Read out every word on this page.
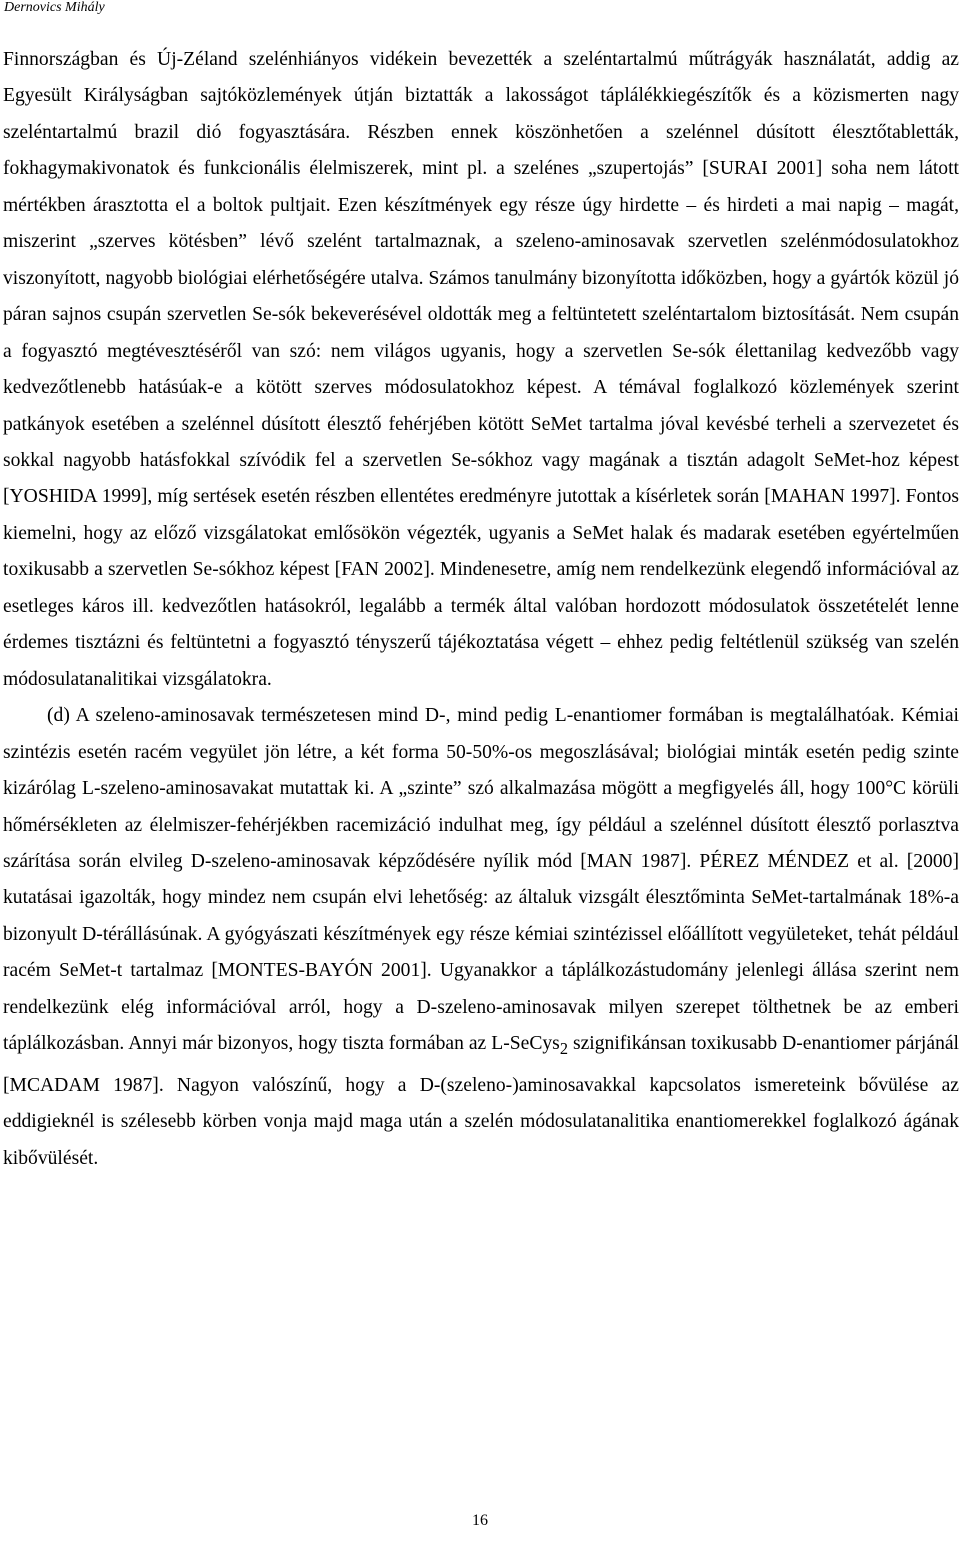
Dernovics Mihály

Finnországban és Új-Zéland szelénhiányos vidékein bevezették a szeléntartalmú műtrágyák használatát, addig az Egyesült Királyságban sajtóközlemények útján biztatták a lakosságot táplálékkiegészítők és a közismerten nagy szeléntartalmú brazil dió fogyasztására. Részben ennek köszönhetően a szelénnel dúsított élesztőtabletták, fokhagymakivonatok és funkcionális élelmiszerek, mint pl. a szelénes „szupertojás” [SURAI 2001] soha nem látott mértékben árasztotta el a boltok pultjait. Ezen készítmények egy része úgy hirdette – és hirdeti a mai napig – magát, miszerint „szerves kötésben” lévő szelént tartalmaznak, a szeleno-aminosavak szervetlen szelénmódosulatokhoz viszonyított, nagyobb biológiai elérhetőségére utalva. Számos tanulmány bizonyította időközben, hogy a gyártók közül jó páran sajnos csupán szervetlen Se-sók bekeverésével oldották meg a feltüntetett szeléntartalom biztosítását. Nem csupán a fogyasztó megtévesztéséről van szó: nem világos ugyanis, hogy a szervetlen Se-sók élettanilag kedvezőbb vagy kedvezőtlenebb hatásúak-e a kötött szerves módosulatokhoz képest. A témával foglalkozó közlemények szerint patkányok esetében a szelénnel dúsított élesztő fehérjében kötött SeMet tartalma jóval kevésbé terheli a szervezetet és sokkal nagyobb hatásfokkal szívódik fel a szervetlen Se-sókhoz vagy magának a tisztán adagolt SeMet-hoz képest [YOSHIDA 1999], míg sertések esetén részben ellentétes eredményre jutottak a kísérletek során [MAHAN 1997]. Fontos kiemelni, hogy az előző vizsgálatokat emlősökön végezték, ugyanis a SeMet halak és madarak esetében egyértelműen toxikusabb a szervetlen Se-sókhoz képest [FAN 2002]. Mindenesetre, amíg nem rendelkezünk elegendő információval az esetleges káros ill. kedvezőtlen hatásokról, legalább a termék által valóban hordozott módosulatok összetételét lenne érdemes tisztázni és feltüntetni a fogyasztó tényszerű tájékoztatása végett – ehhez pedig feltétlenül szükség van szelén módosulatanalitikai vizsgálatokra.

(d) A szeleno-aminosavak természetesen mind D-, mind pedig L-enantiomer formában is megtalálhatóak. Kémiai szintézis esetén racém vegyület jön létre, a két forma 50-50%-os megoszlásával; biológiai minták esetén pedig szinte kizárólag L-szeleno-aminosavakat mutattak ki. A „szinte” szó alkalmazása mögött a megfigyelés áll, hogy 100°C körüli hőmérsékleten az élelmiszer-fehérjékben racemizáció indulhat meg, így például a szelénnel dúsított élesztő porlasztva szárítása során elvileg D-szeleno-aminosavak képződésére nyílik mód [MAN 1987]. PÉREZ MÉNDEZ et al. [2000] kutatásai igazolták, hogy mindez nem csupán elvi lehetőség: az általuk vizsgált élesztőminta SeMet-tartalmának 18%-a bizonyult D-térállásúnak. A gyógyászati készítmények egy része kémiai szintézissel előállított vegyületeket, tehát például racém SeMet-t tartalmaz [MONTES-BAYÓN 2001]. Ugyanakkor a táplálkozástudomány jelenlegi állása szerint nem rendelkezünk elég információval arról, hogy a D-szeleno-aminosavak milyen szerepet tölthetnek be az emberi táplálkozásban. Annyi már bizonyos, hogy tiszta formában az L-SeCys$_2$ szignifikánsan toxikusabb D-enantiomer párjánál [MCADAM 1987]. Nagyon valószínű, hogy a D-(szeleno-)aminosavakkal kapcsolatos ismereteink bővülése az eddigieknél is szélesebb körben vonja majd maga után a szelén módosulatanalitika enantiomerekkel foglalkozó ágának kibővülését.

16
